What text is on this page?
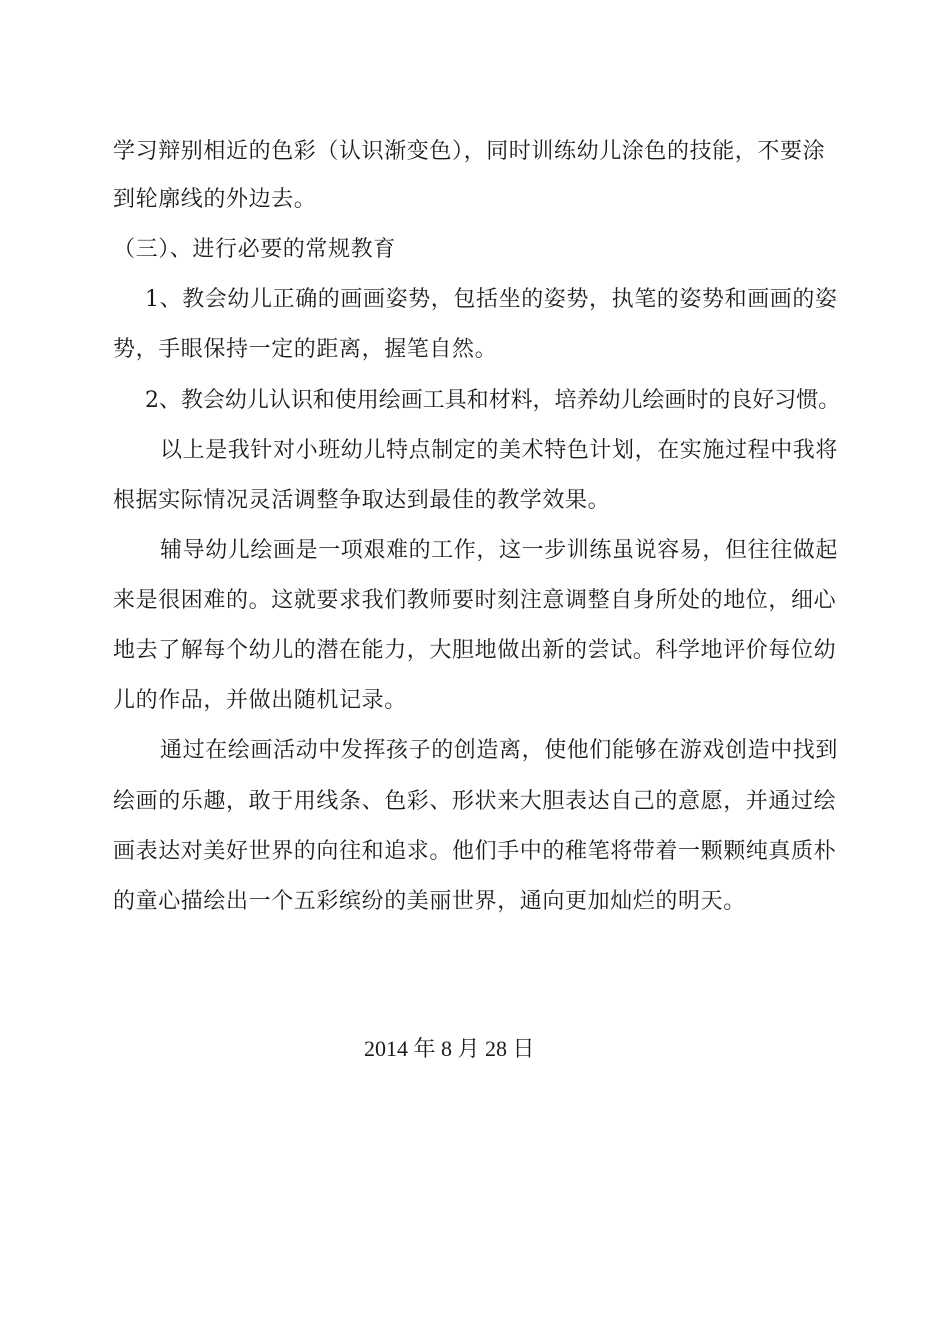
学习辩别相近的色彩（认识渐变色），同时训练幼儿涂色的技能，不要涂
到轮廓线的外边去。
（三）、进行必要的常规教育
1、教会幼儿正确的画画姿势，包括坐的姿势，执笔的姿势和画画的姿
势，手眼保持一定的距离，握笔自然。
2、教会幼儿认识和使用绘画工具和材料，培养幼儿绘画时的良好习惯。
以上是我针对小班幼儿特点制定的美术特色计划，在实施过程中我将
根据实际情况灵活调整争取达到最佳的教学效果。
辅导幼儿绘画是一项艰难的工作，这一步训练虽说容易，但往往做起
来是很困难的。这就要求我们教师要时刻注意调整自身所处的地位，细心
地去了解每个幼儿的潜在能力，大胆地做出新的尝试。科学地评价每位幼
儿的作品，并做出随机记录。
通过在绘画活动中发挥孩子的创造离，使他们能够在游戏创造中找到
绘画的乐趣，敢于用线条、色彩、形状来大胆表达自己的意愿，并通过绘
画表达对美好世界的向往和追求。他们手中的稚笔将带着一颗颗纯真质朴
的童心描绘出一个五彩缤纷的美丽世界，通向更加灿烂的明天。
2014 年 8 月 28 日
